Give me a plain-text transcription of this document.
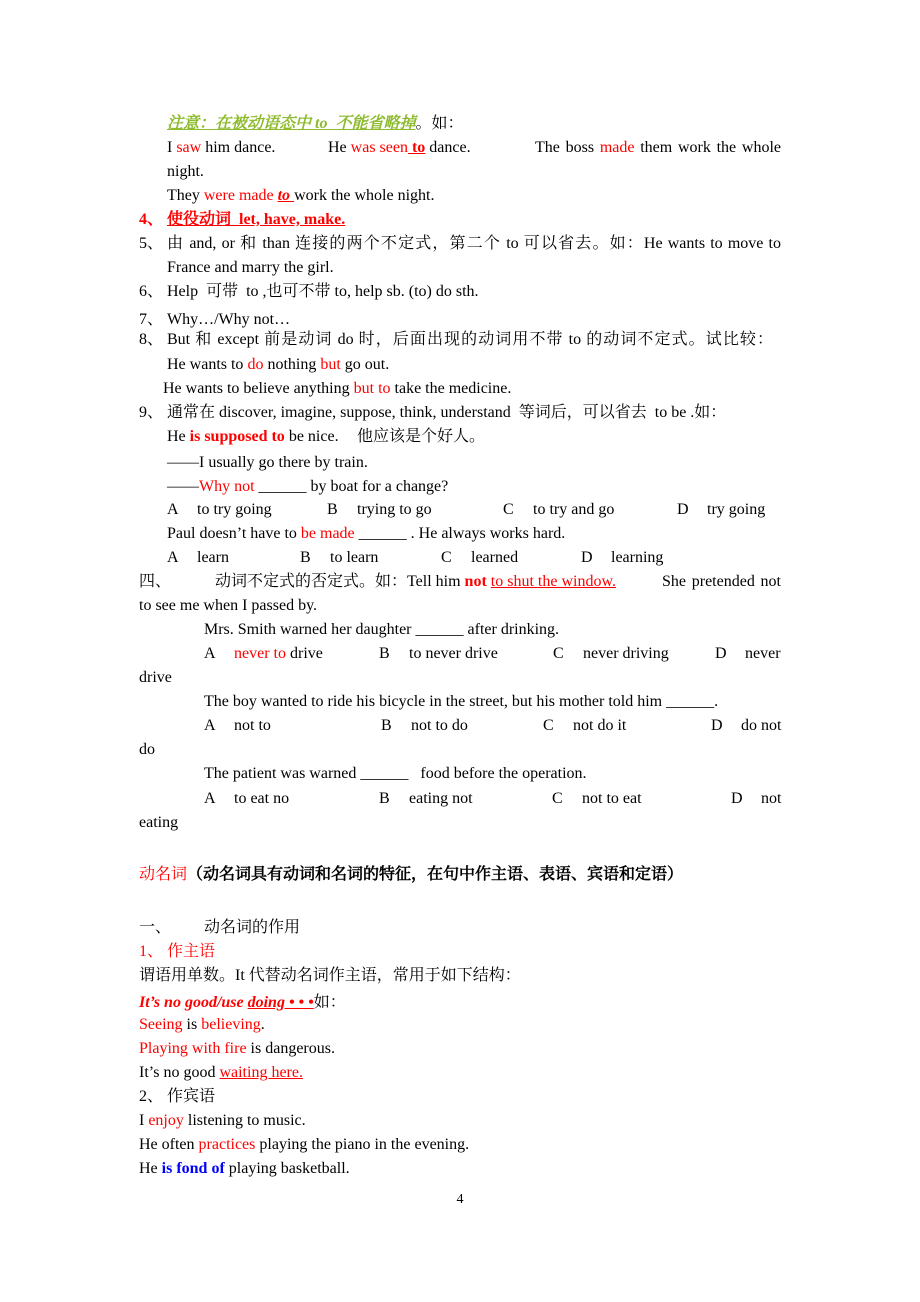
注意：在被动语态中 to  不能省略掉。如：
I saw him dance.	He was seen to dance.	The boss made them work the whole
night.
They were made to work the whole night.
4、 使役动词  let, have, make.
5、 由 and, or 和 than 连接的两个不定式，第二个 to 可以省去。如：He wants to move to
France and marry the girl.
6、 Help  可带  to ,也可不带 to, help sb. (to) do sth.
7、 Why…/Why not…
8、 But 和 except 前是动词 do 时，后面出现的动词用不带 to 的动词不定式。试比较：
He wants to do nothing but go out.
He wants to believe anything but to take the medicine.
9、 通常在 discover, imagine, suppose, think, understand  等词后，可以省去  to be .如：
He is supposed to be nice. 他应该是个好人。
——I usually go there by train.
——Why not ______ by boat for a change?
A to try going	B trying to go	C to try and go	D try going
Paul doesn’t have to be made ______ . He always works hard.
A learn	B to learn	C learned	D learning
四、	动词不定式的否定式。如：Tell him not to shut the window.	She pretended not
to see me when I passed by.
Mrs. Smith warned her daughter ______ after drinking.
A never to drive	B to never drive	C never driving	D never
drive
The boy wanted to ride his bicycle in the street, but his mother told him ______.
A not to	B not to do	C not do it	D do not
do
The patient was warned ______   food before the operation.
A to eat no	B eating not	C not to eat	D not
eating
动名词（动名词具有动词和名词的特征，在句中作主语、表语、宾语和定语）
一、 动名词的作用
1、 作主语
谓语用单数。It 代替动名词作主语，常用于如下结构：
It’s no good/use doing • • •如：
Seeing is believing.
Playing with fire is dangerous.
It’s no good waiting here.
2、 作宾语
I enjoy listening to music.
He often practices playing the piano in the evening.
He is fond of playing basketball.
4
